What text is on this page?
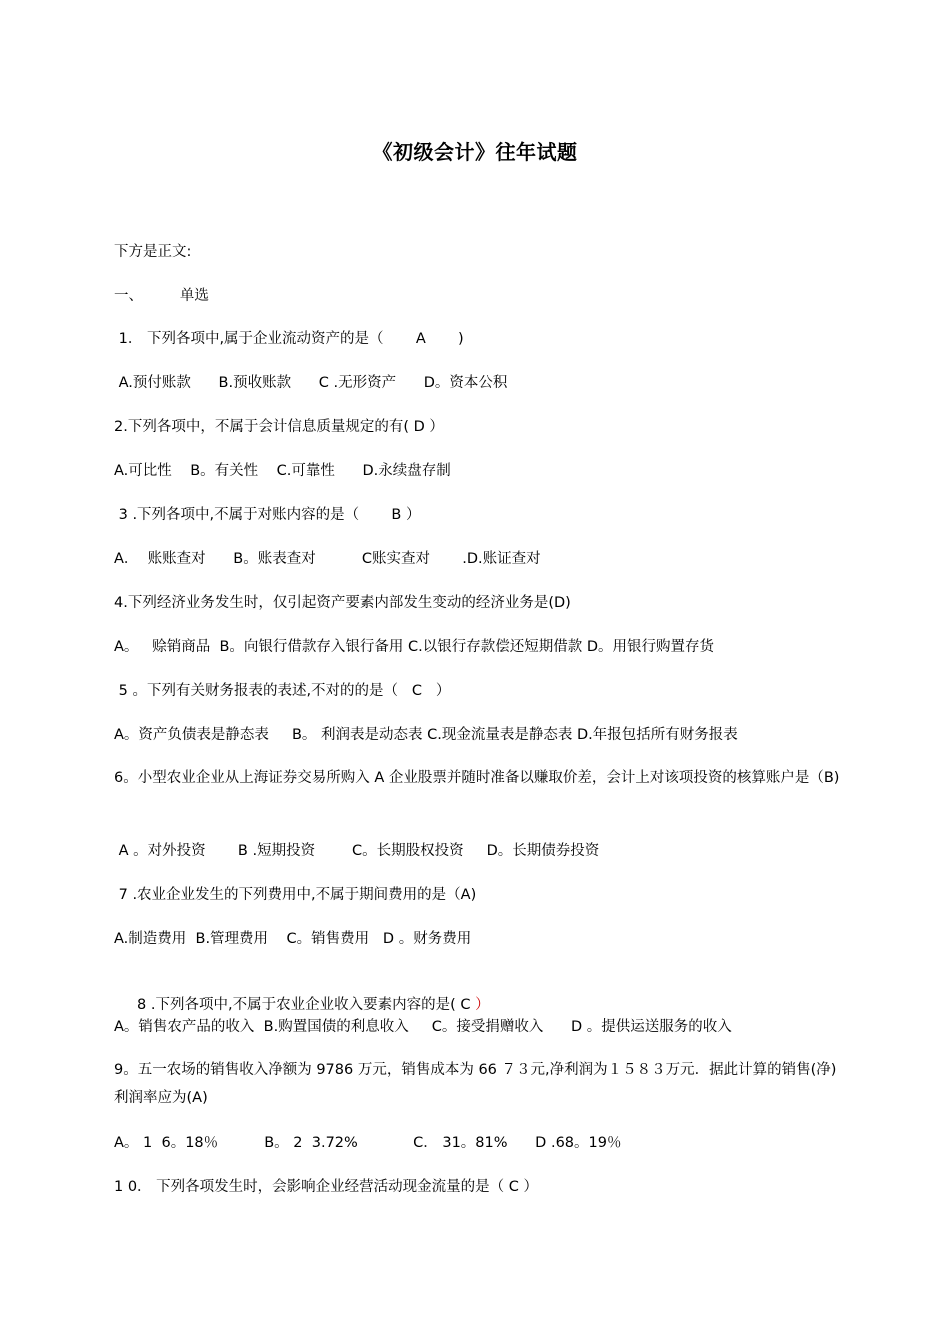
《初级会计》往年试题
下方是正文:
一、        单选
1． 下列各项中,属于企业流动资产的是（       A       )
A.预付账款      B.预收账款      C .无形资产      D。资本公积
2.下列各项中，不属于会计信息质量规定的有( D ）
A.可比性    B。有关性    C.可靠性      D.永续盘存制
3 .下列各项中,不属于对账内容的是（       B ）
A．  账账查对      B。账表查对          C账实查对       .D.账证查对
4.下列经济业务发生时，仅引起资产要素内部发生变动的经济业务是(D)
A。   赊销商品  B。向银行借款存入银行备用 C.以银行存款偿还短期借款 D。用银行购置存货
5 。下列有关财务报表的表述,不对的的是（   C   ）
A。资产负债表是静态表     B。 利润表是动态表 C.现金流量表是静态表 D.年报包括所有财务报表
6。小型农业企业从上海证券交易所购入 A 企业股票并随时准备以赚取价差，会计上对该项投资的核算账户是（B)
A 。对外投资       B .短期投资        C。长期股权投资     D。长期债券投资
7 .农业企业发生的下列费用中,不属于期间费用的是（A)
A.制造费用  B.管理费用    C。销售费用   D 。财务费用

8 .下列各项中,不属于农业企业收入要素内容的是( C ）

A。销售农产品的收入  B.购置国债的利息收入     C。接受捐赠收入      D 。提供运送服务的收入
9。五一农场的销售收入净额为 9786 万元，销售成本为 66 ７３元,净利润为１５８３万元．据此计算的销售(净)利润率应为(A)
A。 1  6。18％          B。 2  3.72%            C． 31。81%      D .68。19％
1 0． 下列各项发生时，会影响企业经营活动现金流量的是（ C ）
